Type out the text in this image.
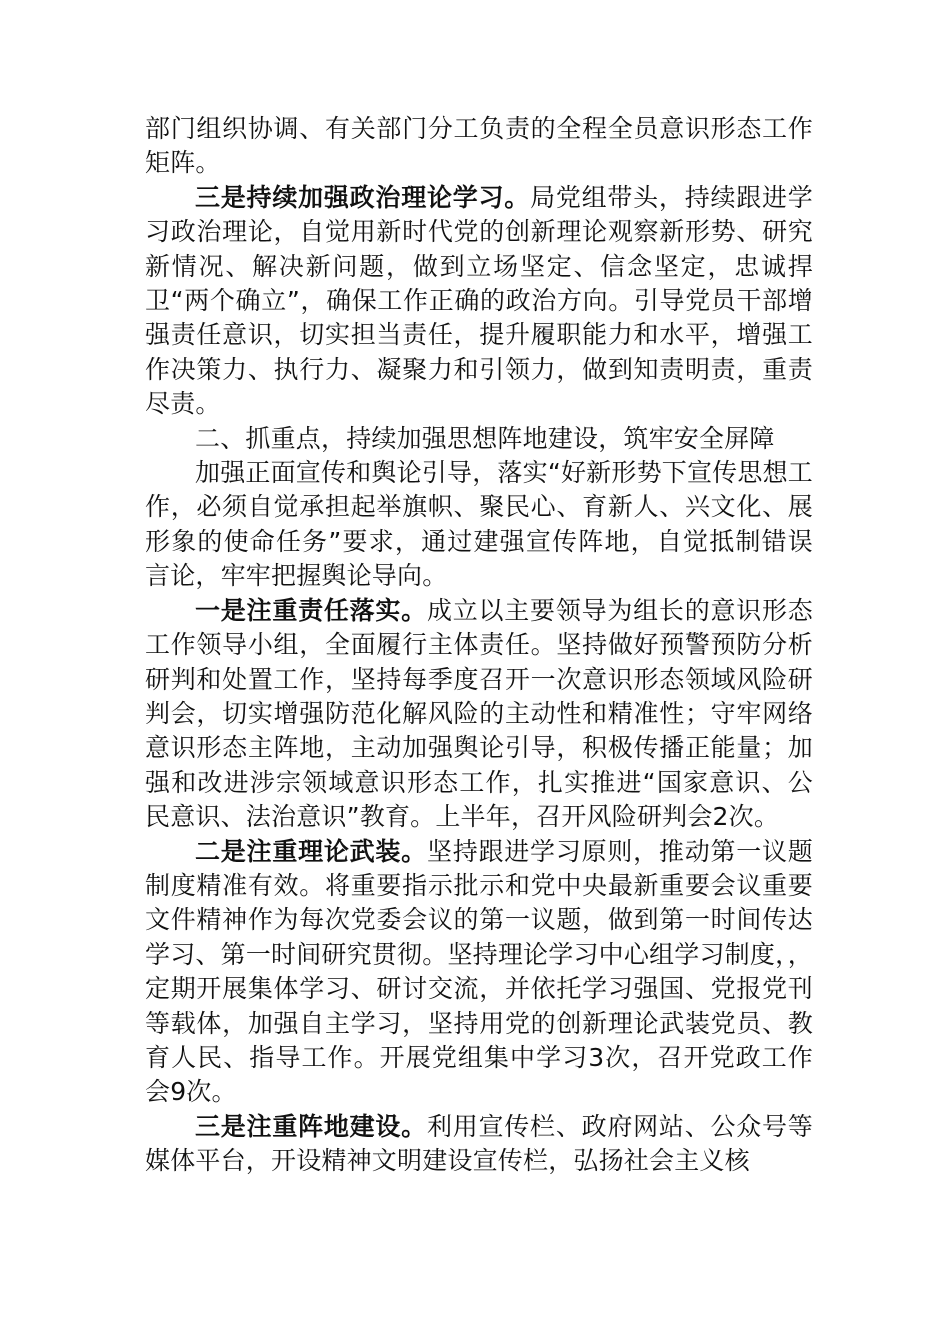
部门组织协调、有关部门分工负责的全程全员意识形态工作矩阵。

三是持续加强政治理论学习。局党组带头，持续跟进学习政治理论，自觉用新时代党的创新理论观察新形势、研究新情况、解决新问题，做到立场坚定、信念坚定，忠诚捍卫“两个确立”，确保工作正确的政治方向。引导党员干部增强责任意识，切实担当责任，提升履职能力和水平，增强工作决策力、执行力、凝聚力和引领力，做到知责明责，重责尽责。

二、抓重点，持续加强思想阵地建设，筑牢安全屏障

加强正面宣传和舆论引导，落实“好新形势下宣传思想工作，必须自觉承担起举旗帜、聚民心、育新人、兴文化、展形象的使命任务”要求，通过建强宣传阵地，自觉抵制错误言论，牢牢把握舆论导向。

一是注重责任落实。成立以主要领导为组长的意识形态工作领导小组，全面履行主体责任。坚持做好预警预防分析研判和处置工作，坚持每季度召开一次意识形态领域风险研判会，切实增强防范化解风险的主动性和精准性；守牢网络意识形态主阵地，主动加强舆论引导，积极传播正能量；加强和改进涉宗领域意识形态工作，扎实推进“国家意识、公民意识、法治意识”教育。上半年，召开风险研判会2次。

二是注重理论武装。坚持跟进学习原则，推动第一议题制度精准有效。将重要指示批示和党中央最新重要会议重要文件精神作为每次党委会议的第一议题，做到第一时间传达学习、第一时间研究贯彻。坚持理论学习中心组学习制度，，定期开展集体学习、研讨交流，并依托学习强国、党报党刊等载体，加强自主学习，坚持用党的创新理论武装党员、教育人民、指导工作。开展党组集中学习3次，召开党政工作会9次。

三是注重阵地建设。利用宣传栏、政府网站、公众号等媒体平台，开设精神文明建设宣传栏，弘扬社会主义核
